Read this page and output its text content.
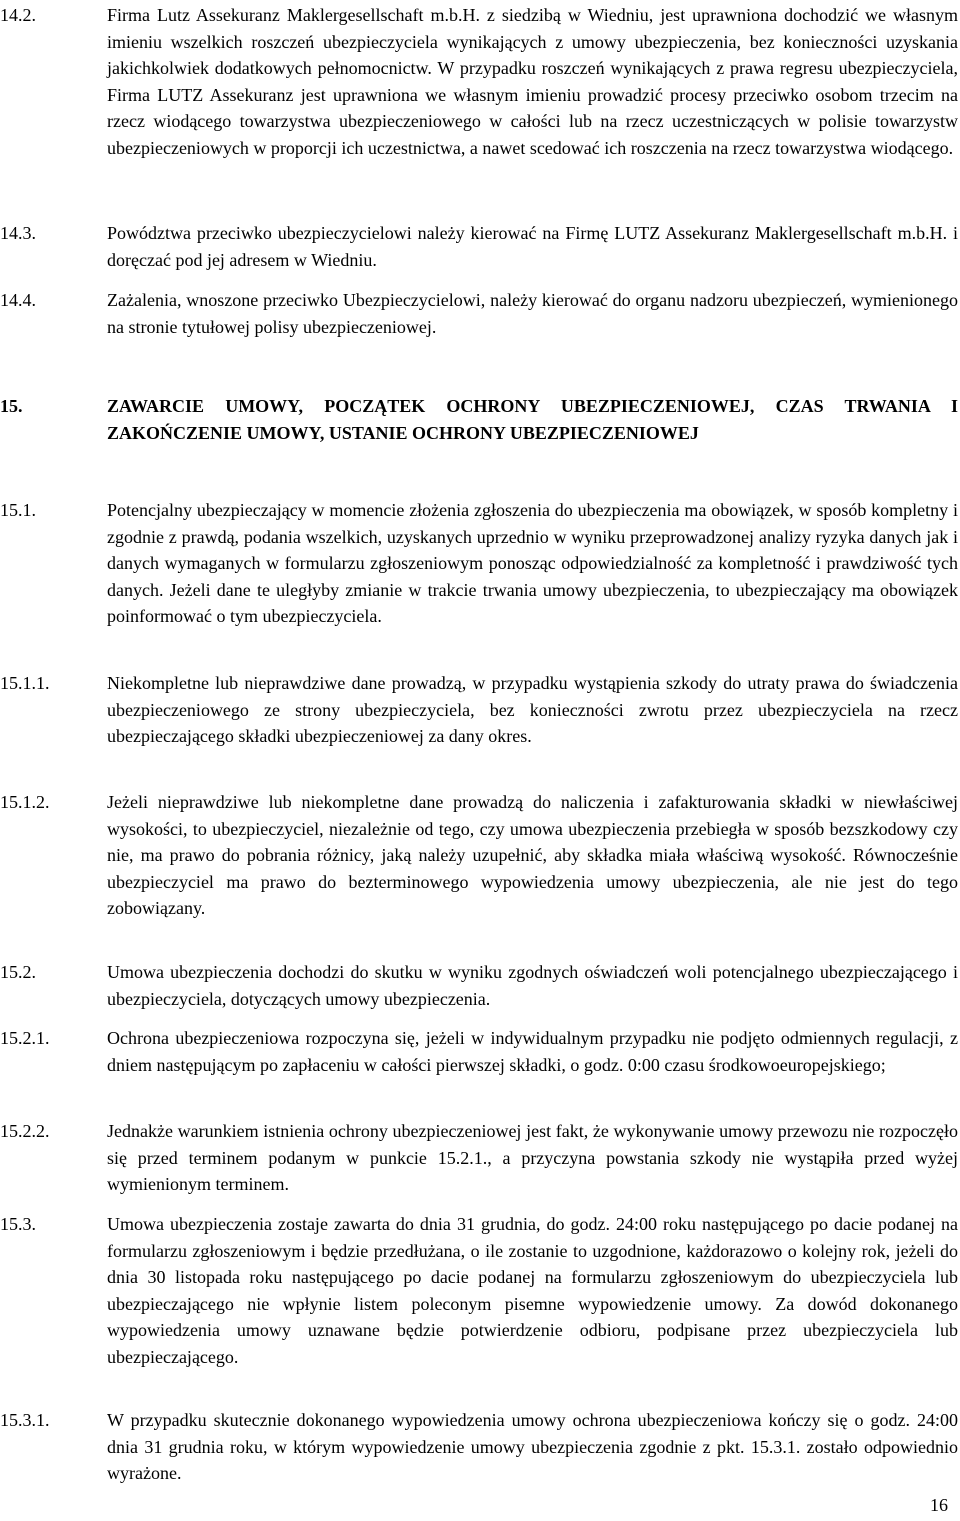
14.2.	Firma Lutz Assekuranz Maklergesellschaft m.b.H. z siedzibą w Wiedniu, jest uprawniona dochodzić we własnym imieniu wszelkich roszczeń ubezpieczyciela wynikających z umowy ubezpieczenia, bez konieczności uzyskania jakichkolwiek dodatkowych pełnomocnictw. W przypadku roszczeń wynikających z prawa regresu ubezpieczyciela, Firma LUTZ Assekuranz jest uprawniona we własnym imieniu prowadzić procesy przeciwko osobom trzecim na rzecz wiodącego towarzystwa ubezpieczeniowego w całości lub na rzecz uczestniczących w polisie towarzystw ubezpieczeniowych w proporcji ich uczestnictwa, a nawet scedować ich roszczenia na rzecz towarzystwa wiodącego.
14.3.	Powództwa przeciwko ubezpieczycielowi należy kierować na Firmę LUTZ Assekuranz Maklergesellschaft m.b.H. i doręczać pod jej adresem w Wiedniu.
14.4.	Zażalenia, wnoszone przeciwko Ubezpieczycielowi, należy kierować do organu nadzoru ubezpieczeń, wymienionego na stronie tytułowej polisy ubezpieczeniowej.
15.	ZAWARCIE UMOWY, POCZĄTEK OCHRONY UBEZPIECZENIOWEJ, CZAS TRWANIA I ZAKOŃCZENIE UMOWY, USTANIE OCHRONY UBEZPIECZENIOWEJ
15.1.	Potencjalny ubezpieczający w momencie złożenia zgłoszenia do ubezpieczenia ma obowiązek, w sposób kompletny i zgodnie z prawdą, podania wszelkich, uzyskanych uprzednio w wyniku przeprowadzonej analizy ryzyka danych jak i danych wymaganych w formularzu zgłoszeniowym ponosząc odpowiedzialność za kompletność i prawdziwość tych danych. Jeżeli dane te uległyby zmianie w trakcie trwania umowy ubezpieczenia, to ubezpieczający ma obowiązek poinformować o tym ubezpieczyciela.
15.1.1.	Niekompletne lub nieprawdziwe dane prowadzą, w przypadku wystąpienia szkody do utraty prawa do świadczenia ubezpieczeniowego ze strony ubezpieczyciela, bez konieczności zwrotu przez ubezpieczyciela na rzecz ubezpieczającego składki ubezpieczeniowej za dany okres.
15.1.2.	Jeżeli nieprawdziwe lub niekompletne dane prowadzą do naliczenia i zafakturowania składki w niewłaściwej wysokości, to ubezpieczyciel, niezależnie od tego, czy umowa ubezpieczenia przebiegła w sposób bezszkodowy czy nie, ma prawo do pobrania różnicy, jaką należy uzupełnić, aby składka miała właściwą wysokość. Równocześnie ubezpieczyciel ma prawo do bezterminowego wypowiedzenia umowy ubezpieczenia, ale nie jest do tego zobowiązany.
15.2.	Umowa ubezpieczenia dochodzi do skutku w wyniku zgodnych oświadczeń woli potencjalnego ubezpieczającego i ubezpieczyciela, dotyczących umowy ubezpieczenia.
15.2.1.	Ochrona ubezpieczeniowa rozpoczyna się, jeżeli w indywidualnym przypadku nie podjęto odmiennych regulacji, z dniem następującym po zapłaceniu w całości pierwszej składki, o godz. 0:00 czasu środkowoeuropejskiego;
15.2.2.	Jednakże warunkiem istnienia ochrony ubezpieczeniowej jest fakt, że wykonywanie umowy przewozu nie rozpoczęło się przed terminem podanym w punkcie 15.2.1., a przyczyna powstania szkody nie wystąpiła przed wyżej wymienionym terminem.
15.3.	Umowa ubezpieczenia zostaje zawarta do dnia 31 grudnia, do godz. 24:00 roku następującego po dacie podanej na formularzu zgłoszeniowym i będzie przedłużana, o ile zostanie to uzgodnione, każdorazowo o kolejny rok, jeżeli do dnia 30 listopada roku następującego po dacie podanej na formularzu zgłoszeniowym do ubezpieczyciela lub ubezpieczającego nie wpłynie listem poleconym pisemne wypowiedzenie umowy. Za dowód dokonanego wypowiedzenia umowy uznawane będzie potwierdzenie odbioru, podpisane przez ubezpieczyciela lub ubezpieczającego.
15.3.1.	W przypadku skutecznie dokonanego wypowiedzenia umowy ochrona ubezpieczeniowa kończy się o godz. 24:00 dnia 31 grudnia roku, w którym wypowiedzenie umowy ubezpieczenia zgodnie z pkt. 15.3.1. zostało odpowiednio wyrażone.
16
